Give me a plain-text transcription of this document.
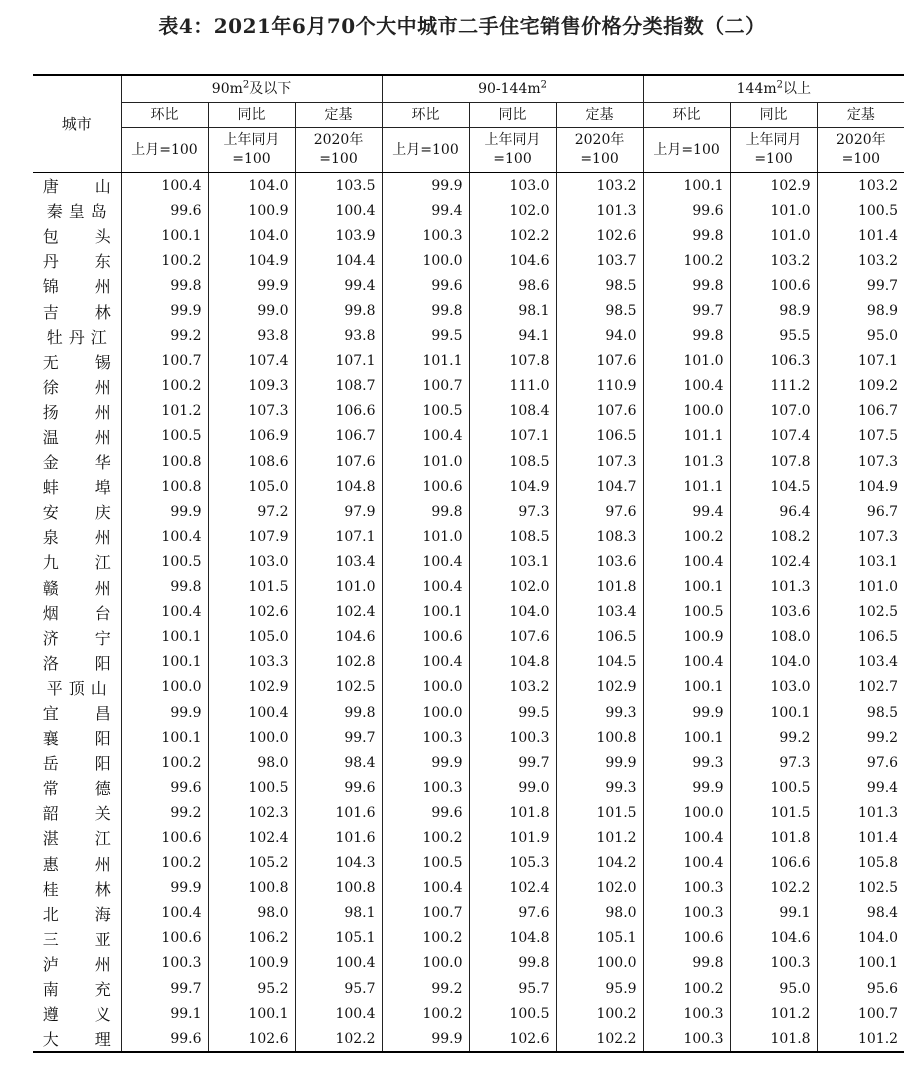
表4：2021年6月70个大中城市二手住宅销售价格分类指数（二）
城市	$90m^2$及以下			$90-144m^2$			$144m^2$以上		
	环比	同比	定基	环比	同比	定基	环比	同比	定基
	上月=100	上年同月=100	2020年=100	上月=100	上年同月=100	2020年=100	上月=100	上年同月=100	2020年=100
唐　山	100.4	104.0	103.5	99.9	103.0	103.2	100.1	102.9	103.2
秦皇岛	99.6	100.9	100.4	99.4	102.0	101.3	99.6	101.0	100.5
包　头	100.1	104.0	103.9	100.3	102.2	102.6	99.8	101.0	101.4
丹　东	100.2	104.9	104.4	100.0	104.6	103.7	100.2	103.2	103.2
锦　州	99.8	99.9	99.4	99.6	98.6	98.5	99.8	100.6	99.7
吉　林	99.9	99.0	99.8	99.8	98.1	98.5	99.7	98.9	98.9
牡丹江	99.2	93.8	93.8	99.5	94.1	94.0	99.8	95.5	95.0
无　锡	100.7	107.4	107.1	101.1	107.8	107.6	101.0	106.3	107.1
徐　州	100.2	109.3	108.7	100.7	111.0	110.9	100.4	111.2	109.2
扬　州	101.2	107.3	106.6	100.5	108.4	107.6	100.0	107.0	106.7
温　州	100.5	106.9	106.7	100.4	107.1	106.5	101.1	107.4	107.5
金　华	100.8	108.6	107.6	101.0	108.5	107.3	101.3	107.8	107.3
蚌　埠	100.8	105.0	104.8	100.6	104.9	104.7	101.1	104.5	104.9
安　庆	99.9	97.2	97.9	99.8	97.3	97.6	99.4	96.4	96.7
泉　州	100.4	107.9	107.1	101.0	108.5	108.3	100.2	108.2	107.3
九　江	100.5	103.0	103.4	100.4	103.1	103.6	100.4	102.4	103.1
赣　州	99.8	101.5	101.0	100.4	102.0	101.8	100.1	101.3	101.0
烟　台	100.4	102.6	102.4	100.1	104.0	103.4	100.5	103.6	102.5
济　宁	100.1	105.0	104.6	100.6	107.6	106.5	100.9	108.0	106.5
洛　阳	100.1	103.3	102.8	100.4	104.8	104.5	100.4	104.0	103.4
平顶山	100.0	102.9	102.5	100.0	103.2	102.9	100.1	103.0	102.7
宜　昌	99.9	100.4	99.8	100.0	99.5	99.3	99.9	100.1	98.5
襄　阳	100.1	100.0	99.7	100.3	100.3	100.8	100.1	99.2	99.2
岳　阳	100.2	98.0	98.4	99.9	99.7	99.9	99.3	97.3	97.6
常　德	99.6	100.5	99.6	100.3	99.0	99.3	99.9	100.5	99.4
韶　关	99.2	102.3	101.6	99.6	101.8	101.5	100.0	101.5	101.3
湛　江	100.6	102.4	101.6	100.2	101.9	101.2	100.4	101.8	101.4
惠　州	100.2	105.2	104.3	100.5	105.3	104.2	100.4	106.6	105.8
桂　林	99.9	100.8	100.8	100.4	102.4	102.0	100.3	102.2	102.5
北　海	100.4	98.0	98.1	100.7	97.6	98.0	100.3	99.1	98.4
三　亚	100.6	106.2	105.1	100.2	104.8	105.1	100.6	104.6	104.0
泸　州	100.3	100.9	100.4	100.0	99.8	100.0	99.8	100.3	100.1
南　充	99.7	95.2	95.7	99.2	95.7	95.9	100.2	95.0	95.6
遵　义	99.1	100.1	100.4	100.2	100.5	100.2	100.3	101.2	100.7
大　理	99.6	102.6	102.2	99.9	102.6	102.2	100.3	101.8	101.2
